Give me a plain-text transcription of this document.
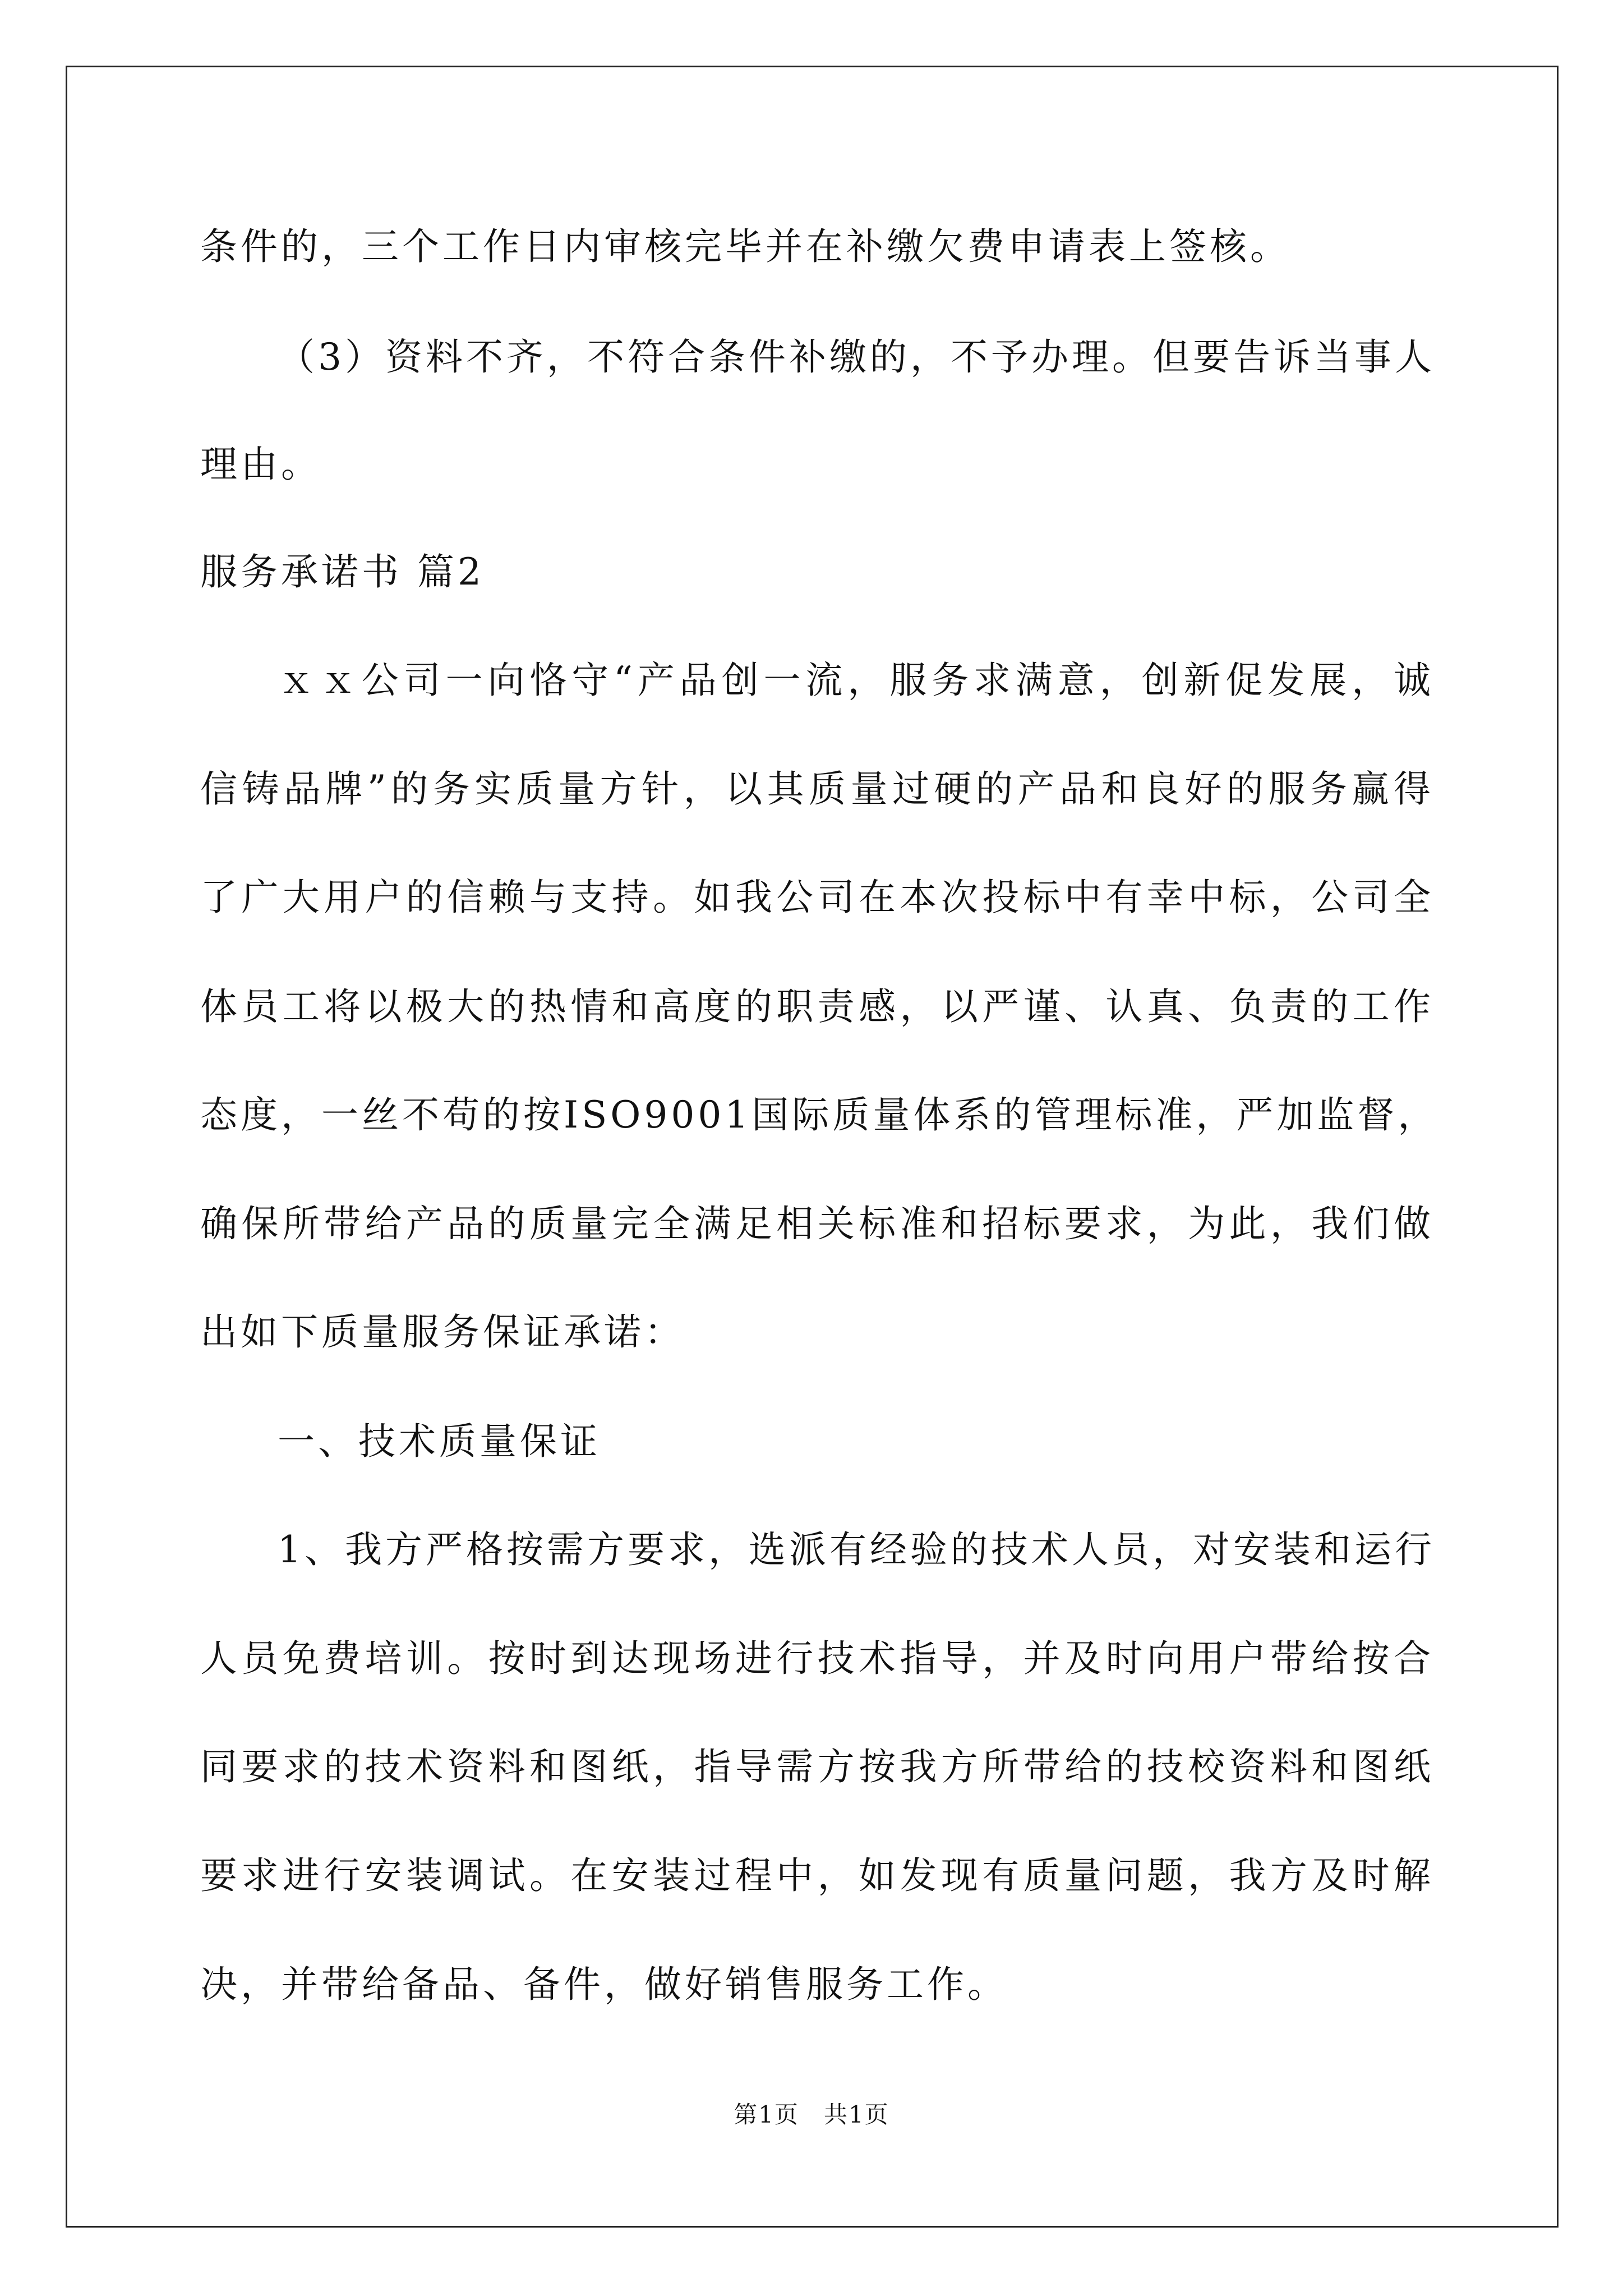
条件的，三个工作日内审核完毕并在补缴欠费申请表上签核。
（3）资料不齐，不符合条件补缴的，不予办理。但要告诉当事人
理由。
服务承诺书 篇2
ｘｘ公司一向恪守“产品创一流，服务求满意，创新促发展，诚
信铸品牌”的务实质量方针，以其质量过硬的产品和良好的服务赢得
了广大用户的信赖与支持。如我公司在本次投标中有幸中标，公司全
体员工将以极大的热情和高度的职责感，以严谨、认真、负责的工作
态度，一丝不苟的按ISO9001国际质量体系的管理标准，严加监督，
确保所带给产品的质量完全满足相关标准和招标要求，为此，我们做
出如下质量服务保证承诺：
一、技术质量保证
1、我方严格按需方要求，选派有经验的技术人员，对安装和运行
人员免费培训。按时到达现场进行技术指导，并及时向用户带给按合
同要求的技术资料和图纸，指导需方按我方所带给的技校资料和图纸
要求进行安装调试。在安装过程中，如发现有质量问题，我方及时解
决，并带给备品、备件，做好销售服务工作。
第1页　共1页
